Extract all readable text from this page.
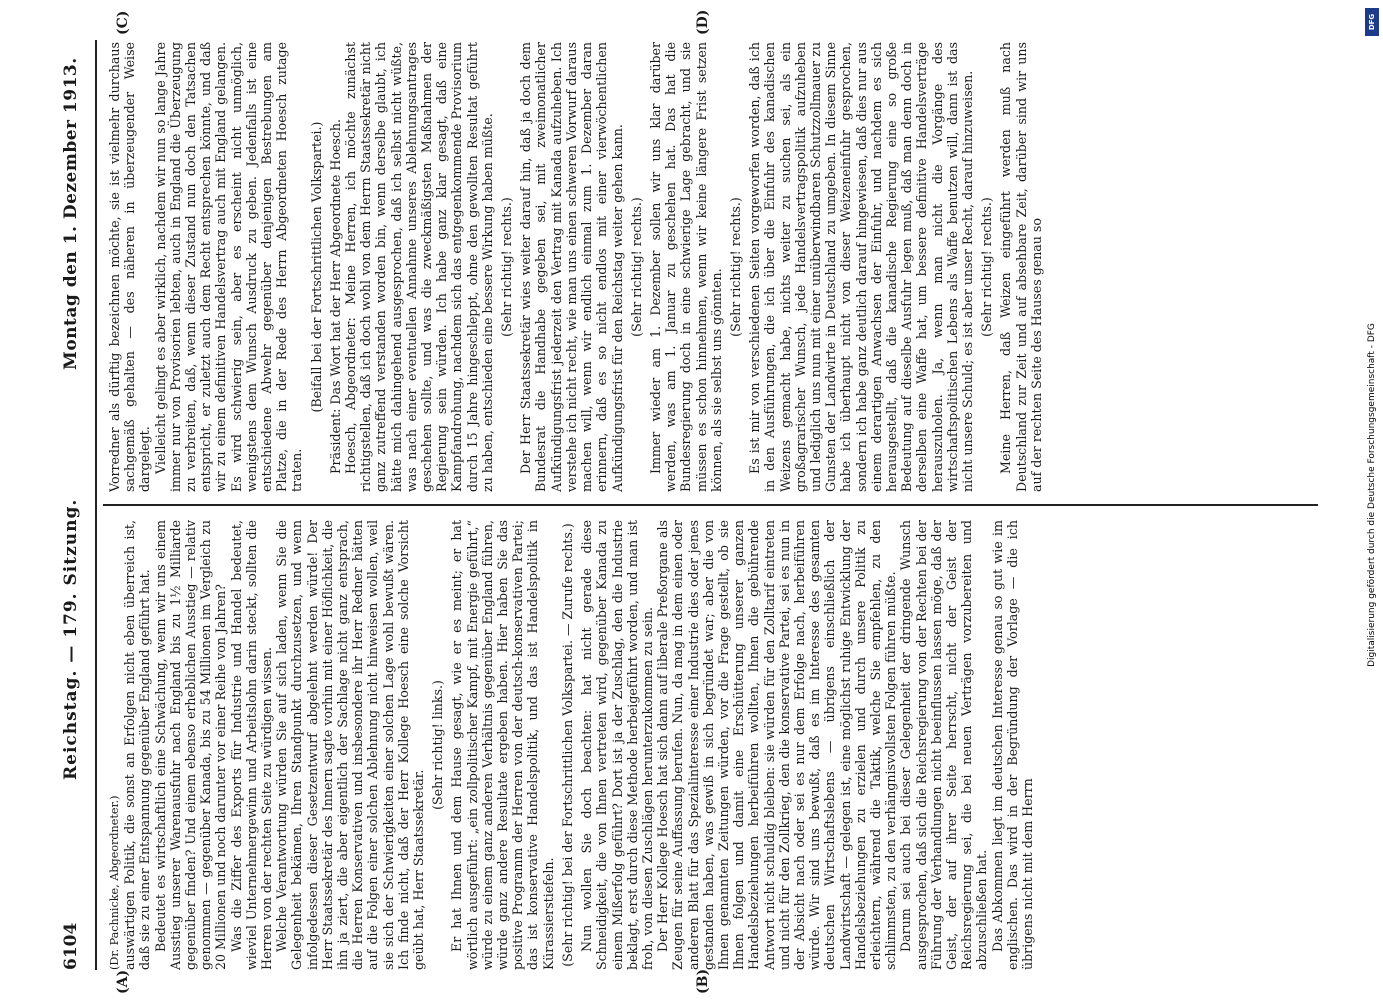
6104
Reichstag. — 179. Sitzung.
Montag den 1. Dezember 1913.

(Dr. Pachnicke, Abgeordneter.) auswärtigen Politik, die sonst an Erfolgen nicht eben überreich ist, daß sie zu einer Entspannung gegenüber England geführt hat. Bedeutet es wirtschaftlich eine Schwächung, wenn wir uns einem Ausstieg unserer Warenausfuhr nach England bis zu 1½ Milliarde gegenüber finden? Und einem ebenso erheblichen Ausstieg — relativ genommen — gegenüber Kanada, bis zu 54 Millionen im Vergleich zu 20 Millionen und noch darunter vor einer Reihe von Jahren? Was die Ziffer des Exports für Industrie und Handel bedeutet, wieviel Unternehmergewinn und Arbeitslohn darin steckt, sollten die Herren von der rechten Seite zu würdigen wissen. Welche Verantwortung würden Sie auf sich laden, wenn Sie die Gelegenheit bekämen, Ihren Standpunkt durchzusetzen, und wenn infolgedessen dieser Gesetzentwurf abgelehnt werden würde! Der Herr Staatssekretär des Innern sagte vorhin mit einer Höflichkeit, die ihn ja ziert, die aber eigentlich der Sachlage nicht ganz entsprach, die Herren Konservativen und insbesondere ihr Herr Redner hätten auf die Folgen einer solchen Ablehnung nicht hinweisen wollen, weil sie sich der Schwierigkeiten einer solchen Lage wohl bewußt wären. Ich finde nicht, daß der Herr Kollege Hoesch eine solche Vorsicht geübt hat, Herr Staatssekretär.

(Sehr richtig! links.) Er hat Ihnen und dem Hause gesagt, wie er es meint; er hat wörtlich ausgeführt: „ein zollpolitischer Kampf, mit Energie geführt,“ würde zu einem ganz anderen Verhältnis gegenüber England führen, würde ganz andere Resultate ergeben haben. Hier haben Sie das positive Programm der Herren von der deutsch-konservativen Partei; das ist konservative Handelspolitik, und das ist Handelspolitik in Kürassierstiefeln. (Sehr richtig! bei der Fortschrittlichen Volkspartei. — Zurufe rechts.) Nun wollen Sie doch beachten: hat nicht gerade diese Schneidigkeit, die von Ihnen vertreten wird, gegenüber Kanada zu einem Mißerfolg geführt? Dort ist ja der Zuschlag, den die Industrie beklagt, erst durch diese Methode herbeigeführt worden, und man ist froh, von diesen Zuschlägen herunterzukommen zu sein. Der Herr Kollege Hoesch hat sich dann auf liberale Preßorgane als Zeugen für seine Auffassung berufen. Nun, da mag in dem einen oder anderen Blatt für das Spezialinteresse einer Industrie dies oder jenes gestanden haben, was gewiß in sich begründet war; aber die von Ihnen genannten Zeitungen würden, vor die Frage gestellt, ob sie Ihnen folgen und damit eine Erschütterung unserer ganzen Handelsbeziehungen herbeiführen wollten, Ihnen die gebührende Antwort nicht schuldig bleiben: sie würden für den Zolltarif eintreten und nicht für den Zollkrieg, den die konservative Partei, sei es nun in der Absicht nach oder sei es nur dem Erfolge nach, herbeiführen würde. Wir sind uns bewußt, daß es im Interesse des gesamten deutschen Wirtschaftslebens — übrigens einschließlich der Landwirtschaft — gelegen ist, eine möglichst ruhige Entwicklung der Handelsbeziehungen zu erzielen und durch unsere Politik zu erleichtern, während die Taktik, welche Sie empfehlen, zu den schlimmsten, zu den verhängnisvollsten Folgen führen müßte. Darum sei auch bei dieser Gelegenheit der dringende Wunsch ausgesprochen, daß sich die Reichsregierung von der Rechten bei der Führung der Verhandlungen nicht beeinflussen lassen möge, daß der Geist, der auf ihrer Seite herrscht, nicht der Geist der Reichsregierung sei, die bei neuen Verträgen vorzubereiten und abzuschließen hat. Das Abkommen liegt im deutschen Interesse genau so gut wie im englischen. Das wird in der Begründung der Vorlage — die ich übrigens nicht mit dem Herrn

Vorredner als dürftig bezeichnen möchte, sie ist vielmehr durchaus sachgemäß gehalten — des näheren in überzeugender Weise dargelegt. Vielleicht gelingt es aber wirklich, nachdem wir nun so lange Jahre immer nur von Provisorien lebten, auch in England die Überzeugung zu verbreiten, daß, wenn dieser Zustand nun doch den Tatsachen entspricht, er zuletzt auch dem Recht entsprechen könnte, und daß wir zu einem definitiven Handelsvertrag auch mit England gelangen. Es wird schwierig sein, aber es erscheint nicht unmöglich, wenigstens dem Wunsch Ausdruck zu geben. Jedenfalls ist eine entschiedene Abwehr gegenüber denjenigen Bestrebungen am Platze, die in der Rede des Herrn Abgeordneten Hoesch zutage traten.

(Beifall bei der Fortschrittlichen Volkspartei.) Präsident: Das Wort hat der Herr Abgeordnete Hoesch. Hoesch, Abgeordneter: Meine Herren, ich möchte zunächst richtigstellen, daß ich doch wohl von dem Herrn Staatssekretär nicht ganz zutreffend verstanden worden bin, wenn derselbe glaubt, ich hätte mich dahingehend ausgesprochen, daß ich selbst nicht wüßte, was nach einer eventuellen Annahme unseres Ablehnungsantrages geschehen sollte, und was die zweckmäßigsten Maßnahmen der Regierung sein würden. Ich habe ganz klar gesagt, daß eine Kampfandrohung, nachdem sich das entgegenkommende Provisorium durch 15 Jahre hingeschleppt, ohne den gewollten Resultat geführt zu haben, entschieden eine bessere Wirkung haben müßte. (Sehr richtig! rechts.) Der Herr Staatssekretär wies weiter darauf hin, daß ja doch dem Bundesrat die Handhabe gegeben sei, mit zweimonatlicher Aufkündigungsfrist jederzeit den Vertrag mit Kanada aufzuheben. Ich verstehe ich nicht recht, wie man uns einen schweren Vorwurf daraus machen will, wenn wir endlich einmal zum 1. Dezember daran erinnern, daß es so nicht endlos mit einer vierwöchentlichen Aufkündigungsfrist für den Reichstag weiter gehen kann. (Sehr richtig! rechts.) Immer wieder am 1. Dezember sollen wir uns klar darüber werden, was am 1. Januar zu geschehen hat. Das hat die Bundesregierung doch in eine schwierige Lage gebracht, und sie müssen es schon hinnehmen, wenn wir keine längere Frist setzen können, als sie selbst uns gönnten.

(Sehr richtig! rechts.) Es ist mir von verschiedenen Seiten vorgeworfen worden, daß ich in den Ausführungen, die ich über die Einfuhr des kanadischen Weizens gemacht habe, nichts weiter zu suchen sei, als ein großagrarischer Wunsch, jede Handelsvertragspolitik aufzuheben und lediglich uns nun mit einer unüberwindbaren Schutzzollmauer zu Gunsten der Landwirte in Deutschland zu umgeben. In diesem Sinne habe ich überhaupt nicht von dieser Weizeneinfuhr gesprochen, sondern ich habe ganz deutlich darauf hingewiesen, daß dies nur aus einem derartigen Anwachsen der Einfuhr, und nachdem es sich herausgestellt, daß die kanadische Regierung eine so große Bedeutung auf dieselbe Ausfuhr legen muß, daß man denn doch in derselben eine Waffe hat, um bessere definitive Handelsverträge herauszuholen. Ja, wenn man nicht die Vorgänge des wirtschaftspolitischen Lebens als Waffe benutzen will, dann ist das nicht unsere Schuld; es ist aber unser Recht, darauf hinzuweisen. (Sehr richtig! rechts.) Meine Herren, daß Weizen eingeführt werden muß nach Deutschland zur Zeit und auf absehbare Zeit, darüber sind wir uns auf der rechten Seite des Hauses genau so

(A)	(B)
(C)	(D)	DFG
Digitalisierung gefördert durch die Deutsche Forschungsgemeinschaft - DFG
